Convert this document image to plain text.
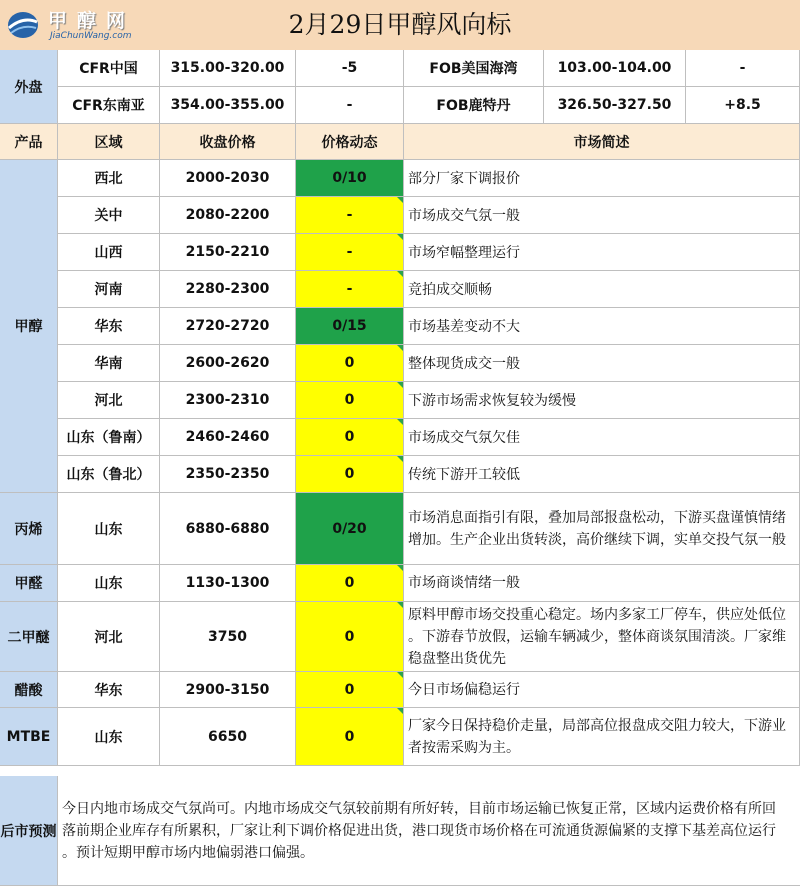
甲醇网
JiaChunWang.com	2月29日甲醇风向标
外盘
CFR中国	315.00-320.00	-5	FOB美国海湾	103.00-104.00	-
CFR东南亚	354.00-355.00	-	FOB鹿特丹	326.50-327.50	+8.5
产品	区域	收盘价格	价格动态	市场简述
甲醇
西北	2000-2030	0/10	部分厂家下调报价
关中	2080-2200	-	市场成交气氛一般
山西	2150-2210	-	市场窄幅整理运行
河南	2280-2300	-	竞拍成交顺畅
华东	2720-2720	0/15	市场基差变动不大
华南	2600-2620	0	整体现货成交一般
河北	2300-2310	0	下游市场需求恢复较为缓慢
山东（鲁南）	2460-2460	0	市场成交气氛欠佳
山东（鲁北）	2350-2350	0	传统下游开工较低
丙烯	山东	6880-6880	0/20
市场消息面指引有限，叠加局部报盘松动，下游买盘谨慎情绪
增加。生产企业出货转淡，高价继续下调，实单交投气氛一般
甲醛	山东	1130-1300	0	市场商谈情绪一般
二甲醚	河北	3750	0
原料甲醇市场交投重心稳定。场内多家工厂停车，供应处低位
。下游春节放假，运输车辆减少，整体商谈氛围清淡。厂家维
稳盘整出货优先
醋酸	华东	2900-3150	0	今日市场偏稳运行
MTBE	山东	6650	0
厂家今日保持稳价走量，局部高位报盘成交阻力较大，下游业
者按需采购为主。
后市预测
今日内地市场成交气氛尚可。内地市场成交气氛较前期有所好转，目前市场运输已恢复正常，区域内运费价格有所回
落前期企业库存有所累积，厂家让利下调价格促进出货，港口现货市场价格在可流通货源偏紧的支撑下基差高位运行
。预计短期甲醇市场内地偏弱港口偏强。
